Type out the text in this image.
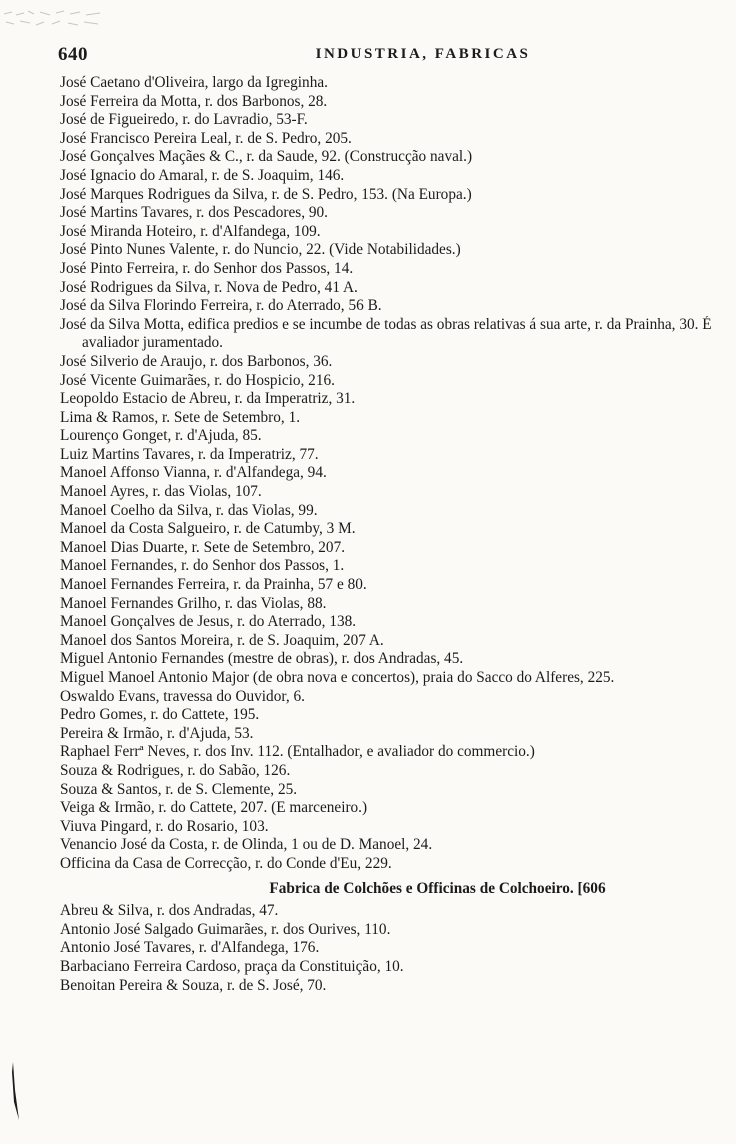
640	INDUSTRIA, FABRICAS
José Caetano d'Oliveira, largo da Igreginha.
José Ferreira da Motta, r. dos Barbonos, 28.
José de Figueiredo, r. do Lavradio, 53-F.
José Francisco Pereira Leal, r. de S. Pedro, 205.
José Gonçalves Maçães & C., r. da Saude, 92. (Construcção naval.)
José Ignacio do Amaral, r. de S. Joaquim, 146.
José Marques Rodrigues da Silva, r. de S. Pedro, 153. (Na Europa.)
José Martins Tavares, r. dos Pescadores, 90.
José Miranda Hoteiro, r. d'Alfandega, 109.
José Pinto Nunes Valente, r. do Nuncio, 22. (Vide Notabilidades.)
José Pinto Ferreira, r. do Senhor dos Passos, 14.
José Rodrigues da Silva, r. Nova de Pedro, 41 A.
José da Silva Florindo Ferreira, r. do Aterrado, 56 B.
José da Silva Motta, edifica predios e se incumbe de todas as obras relativas á sua arte, r. da Prainha, 30. É avaliador juramentado.
José Silverio de Araujo, r. dos Barbonos, 36.
José Vicente Guimarães, r. do Hospicio, 216.
Leopoldo Estacio de Abreu, r. da Imperatriz, 31.
Lima & Ramos, r. Sete de Setembro, 1.
Lourenço Gonget, r. d'Ajuda, 85.
Luiz Martins Tavares, r. da Imperatriz, 77.
Manoel Affonso Vianna, r. d'Alfandega, 94.
Manoel Ayres, r. das Violas, 107.
Manoel Coelho da Silva, r. das Violas, 99.
Manoel da Costa Salgueiro, r. de Catumby, 3 M.
Manoel Dias Duarte, r. Sete de Setembro, 207.
Manoel Fernandes, r. do Senhor dos Passos, 1.
Manoel Fernandes Ferreira, r. da Prainha, 57 e 80.
Manoel Fernandes Grilho, r. das Violas, 88.
Manoel Gonçalves de Jesus, r. do Aterrado, 138.
Manoel dos Santos Moreira, r. de S. Joaquim, 207 A.
Miguel Antonio Fernandes (mestre de obras), r. dos Andradas, 45.
Miguel Manoel Antonio Major (de obra nova e concertos), praia do Sacco do Alferes, 225.
Oswaldo Evans, travessa do Ouvidor, 6.
Pedro Gomes, r. do Cattete, 195.
Pereira & Irmão, r. d'Ajuda, 53.
Raphael Ferrª Neves, r. dos Inv. 112. (Entalhador, e avaliador do commercio.)
Souza & Rodrigues, r. do Sabão, 126.
Souza & Santos, r. de S. Clemente, 25.
Veiga & Irmão, r. do Cattete, 207. (E marceneiro.)
Viuva Pingard, r. do Rosario, 103.
Venancio José da Costa, r. de Olinda, 1 ou de D. Manoel, 24.
Officina da Casa de Correcção, r. do Conde d'Eu, 229.
Fabrica de Colchões e Officinas de Colchoeiro. [606
Abreu & Silva, r. dos Andradas, 47.
Antonio José Salgado Guimarães, r. dos Ourives, 110.
Antonio José Tavares, r. d'Alfandega, 176.
Barbaciano Ferreira Cardoso, praça da Constituição, 10.
Benoitan Pereira & Souza, r. de S. José, 70.
